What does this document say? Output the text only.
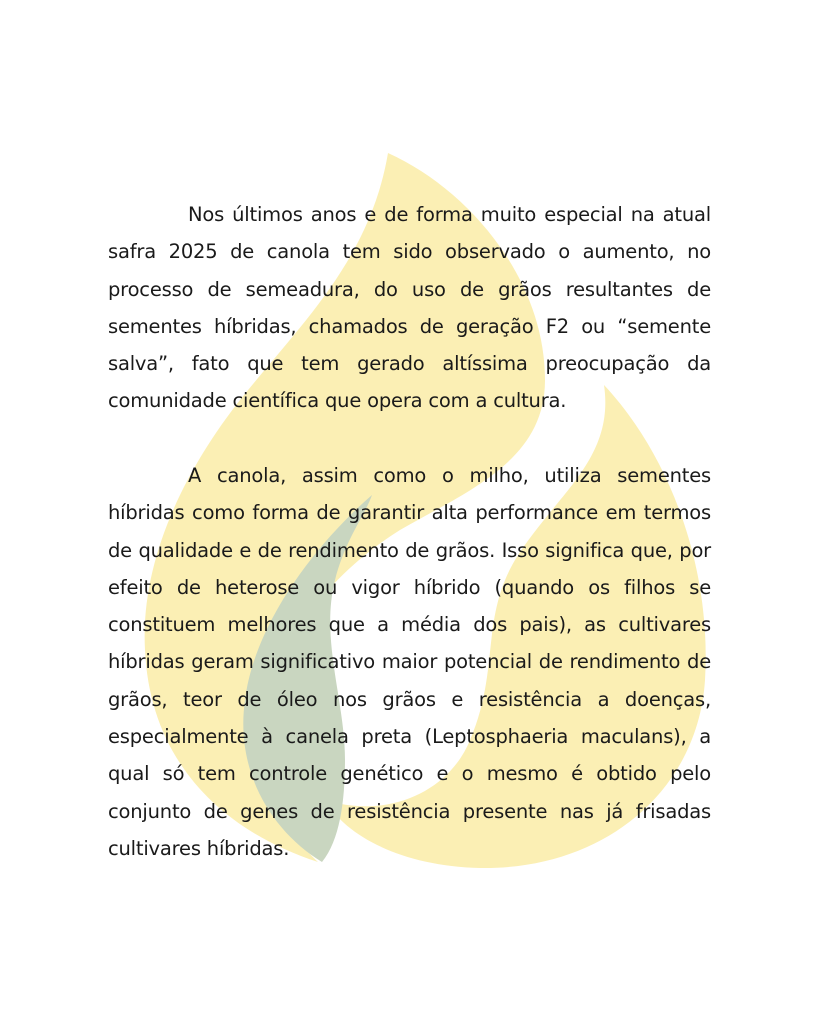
Nos últimos anos e de forma muito especial na atual safra 2025 de canola tem sido observado o aumento, no processo de semeadura, do uso de grãos resultantes de sementes híbridas, chamados de geração F2 ou “semente salva”, fato que tem gerado altíssima preocupação da comunidade científica que opera com a cultura.

A canola, assim como o milho, utiliza sementes híbridas como forma de garantir alta performance em termos de qualidade e de rendimento de grãos. Isso significa que, por efeito de heterose ou vigor híbrido (quando os filhos se constituem melhores que a média dos pais), as cultivares híbridas geram significativo maior potencial de rendimento de grãos, teor de óleo nos grãos e resistência a doenças, especialmente à canela preta (Leptosphaeria maculans), a qual só tem controle genético e o mesmo é obtido pelo conjunto de genes de resistência presente nas já frisadas cultivares híbridas.
